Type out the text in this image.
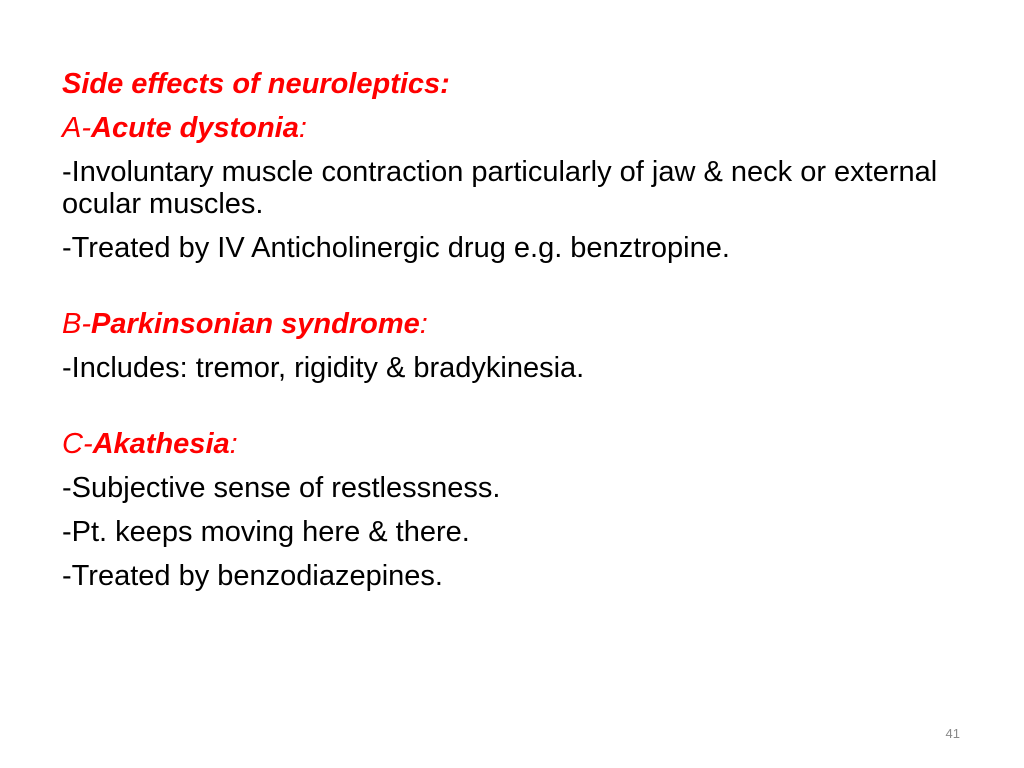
Side effects of neuroleptics:
A-Acute dystonia:
-Involuntary muscle contraction particularly of jaw & neck or external ocular muscles.
-Treated by IV Anticholinergic drug e.g. benztropine.
B-Parkinsonian syndrome:
-Includes: tremor, rigidity & bradykinesia.
C-Akathesia:
-Subjective sense of restlessness.
-Pt. keeps moving here & there.
-Treated by benzodiazepines.
41
